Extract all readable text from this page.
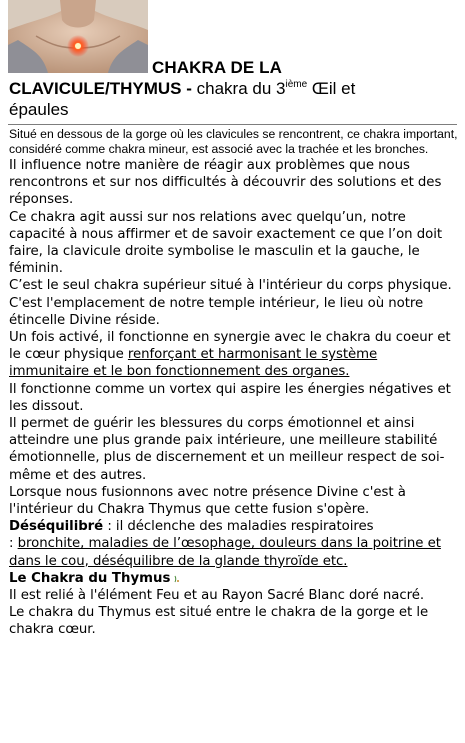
CHAKRA DE LA
CLAVICULE/THYMUS - chakra du 3ième Œil et
épaules

Situé en dessous de la gorge où les clavicules se rencontrent, ce chakra important, considéré comme chakra mineur, est associé avec la trachée et les bronches.

Il influence notre manière de réagir aux problèmes que nous rencontrons et sur nos difficultés à découvrir des solutions et des réponses.

Ce chakra agit aussi sur nos relations avec quelqu’un, notre capacité à nous affirmer et de savoir exactement ce que l’on doit faire, la clavicule droite symbolise le masculin et la gauche, le féminin.

C’est le seul chakra supérieur situé à l'intérieur du corps physique.

C'est l'emplacement de notre temple intérieur, le lieu où notre étincelle Divine réside.

Un fois activé, il fonctionne en synergie avec le chakra du coeur et le cœur physique renforçant et harmonisant le système immunitaire et le bon fonctionnement des organes.

Il fonctionne comme un vortex qui aspire les énergies négatives et les dissout.

Il permet de guérir les blessures du corps émotionnel et ainsi atteindre une plus grande paix intérieure, une meilleure stabilité émotionnelle, plus de discernement et un meilleur respect de soi-même et des autres.

Lorsque nous fusionnons avec notre présence Divine c'est à l'intérieur du Chakra Thymus que cette fusion s'opère.

Déséquilibré : il déclenche des maladies respiratoires

: bronchite, maladies de l’œsophage, douleurs dans la poitrine et dans le cou, déséquilibre de la glande thyroïde etc.

Le Chakra du Thymus

Il est relié à l'élément Feu et au Rayon Sacré Blanc doré nacré.

Le chakra du Thymus est situé entre le chakra de la gorge et le chakra cœur.
